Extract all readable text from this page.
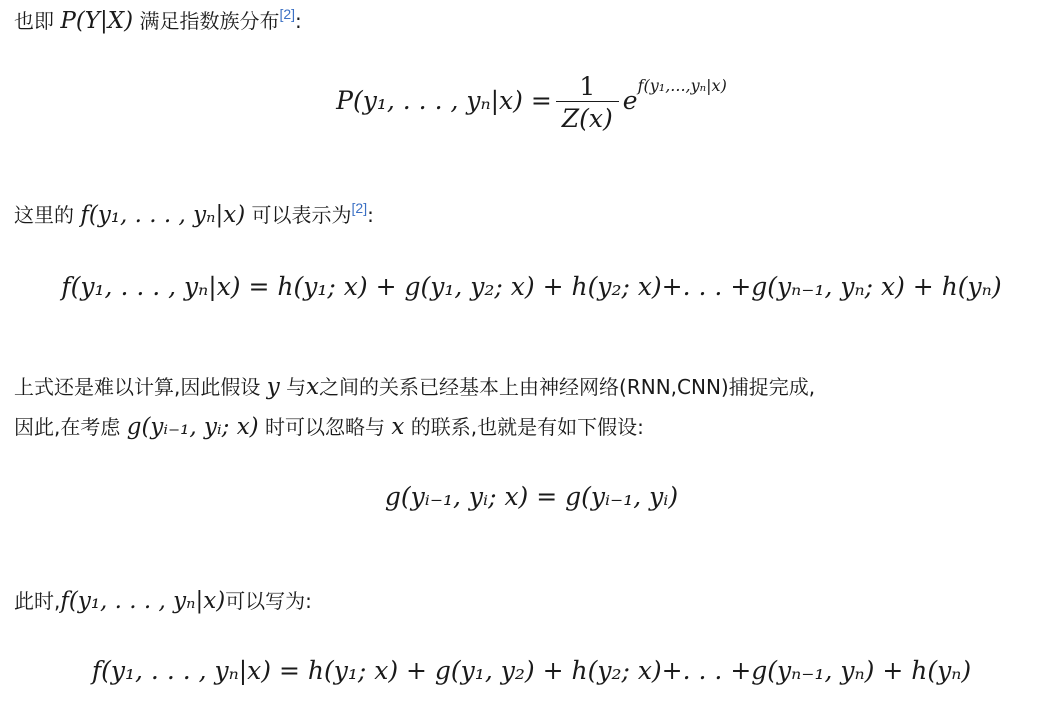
也即 P(Y|X) 满足指数族分布[2]:
P(y₁, . . . , $y_n|x) = \frac{1}{Z(x)} e^{f(y_1,...,y_n|x)}$
这里的 f(y₁, . . . , yₙ|x) 可以表示为[2]:
f(y₁, . . . , yₙ|x) = h(y₁; x) + g(y₁, y₂; x) + h(y₂; x)+. . . +g(yₙ₋₁, yₙ; x) + h(yₙ)
上式还是难以计算,因此假设 y 与x之间的关系已经基本上由神经网络(RNN,CNN)捕捉完成,
因此,在考虑 g(yᵢ₋₁, yᵢ; x) 时可以忽略与 x 的联系,也就是有如下假设:
g(yᵢ₋₁, yᵢ; x) = g(yᵢ₋₁, yᵢ)
此时,f(y₁, . . . , yₙ|x)可以写为:
f(y₁, . . . , yₙ|x) = h(y₁; x) + g(y₁, y₂) + h(y₂; x)+. . . +g(yₙ₋₁, yₙ) + h(yₙ)
